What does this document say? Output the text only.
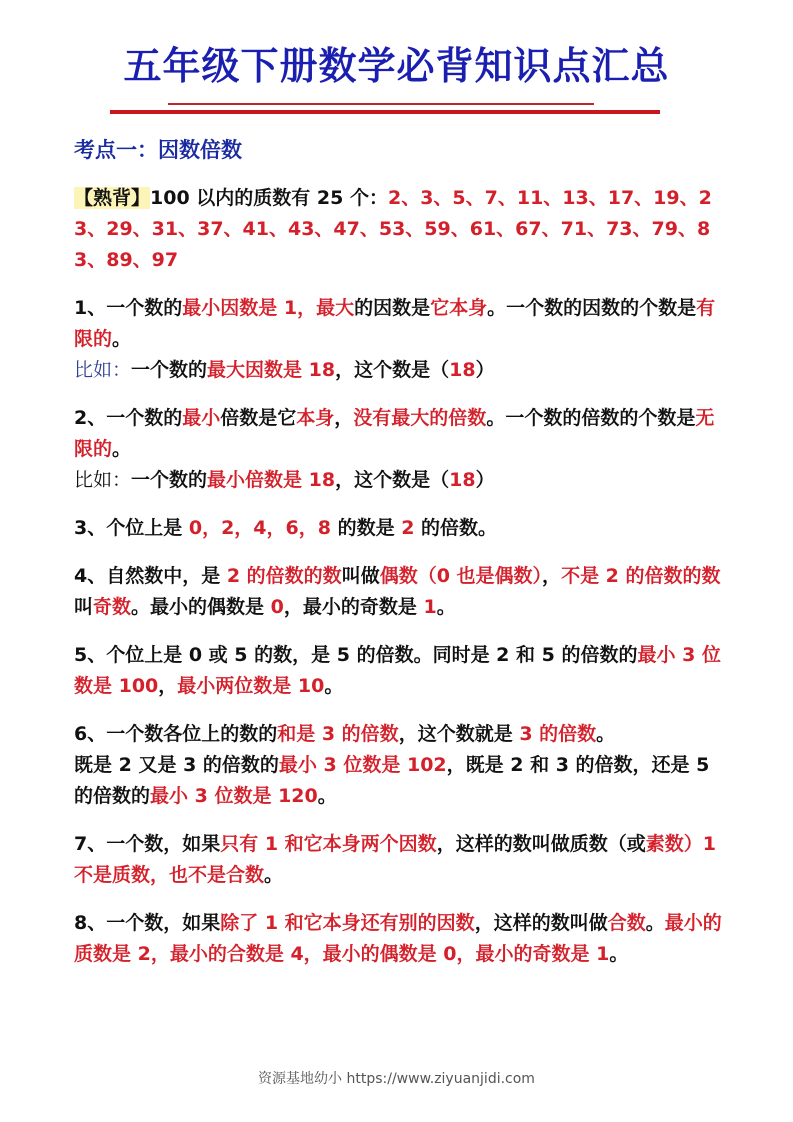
五年级下册数学必背知识点汇总
考点一：因数倍数
【熟背】100 以内的质数有 25 个：2、3、5、7、11、13、17、19、23、29、31、37、41、43、47、53、59、61、67、71、73、79、83、89、97
1、一个数的最小因数是 1，最大的因数是它本身。一个数的因数的个数是有限的。
比如：一个数的最大因数是 18，这个数是（18）
2、一个数的最小倍数是它本身，没有最大的倍数。一个数的倍数的个数是无限的。
比如：一个数的最小倍数是 18，这个数是（18）
3、个位上是 0，2，4，6，8 的数是 2 的倍数。
4、自然数中，是 2 的倍数的数叫做偶数（0 也是偶数），不是 2 的倍数的数叫奇数。最小的偶数是 0，最小的奇数是 1。
5、个位上是 0 或 5 的数，是 5 的倍数。同时是 2 和 5 的倍数的最小 3 位数是 100，最小两位数是 10。
6、一个数各位上的数的和是 3 的倍数，这个数就是 3 的倍数。
既是 2 又是 3 的倍数的最小 3 位数是 102，既是 2 和 3 的倍数，还是 5 的倍数的最小 3 位数是 120。
7、一个数，如果只有 1 和它本身两个因数，这样的数叫做质数（或素数）1 不是质数，也不是合数。
8、一个数，如果除了 1 和它本身还有别的因数，这样的数叫做合数。最小的质数是 2，最小的合数是 4，最小的偶数是 0，最小的奇数是 1。
资源基地幼小 https://www.ziyuanjidi.com
